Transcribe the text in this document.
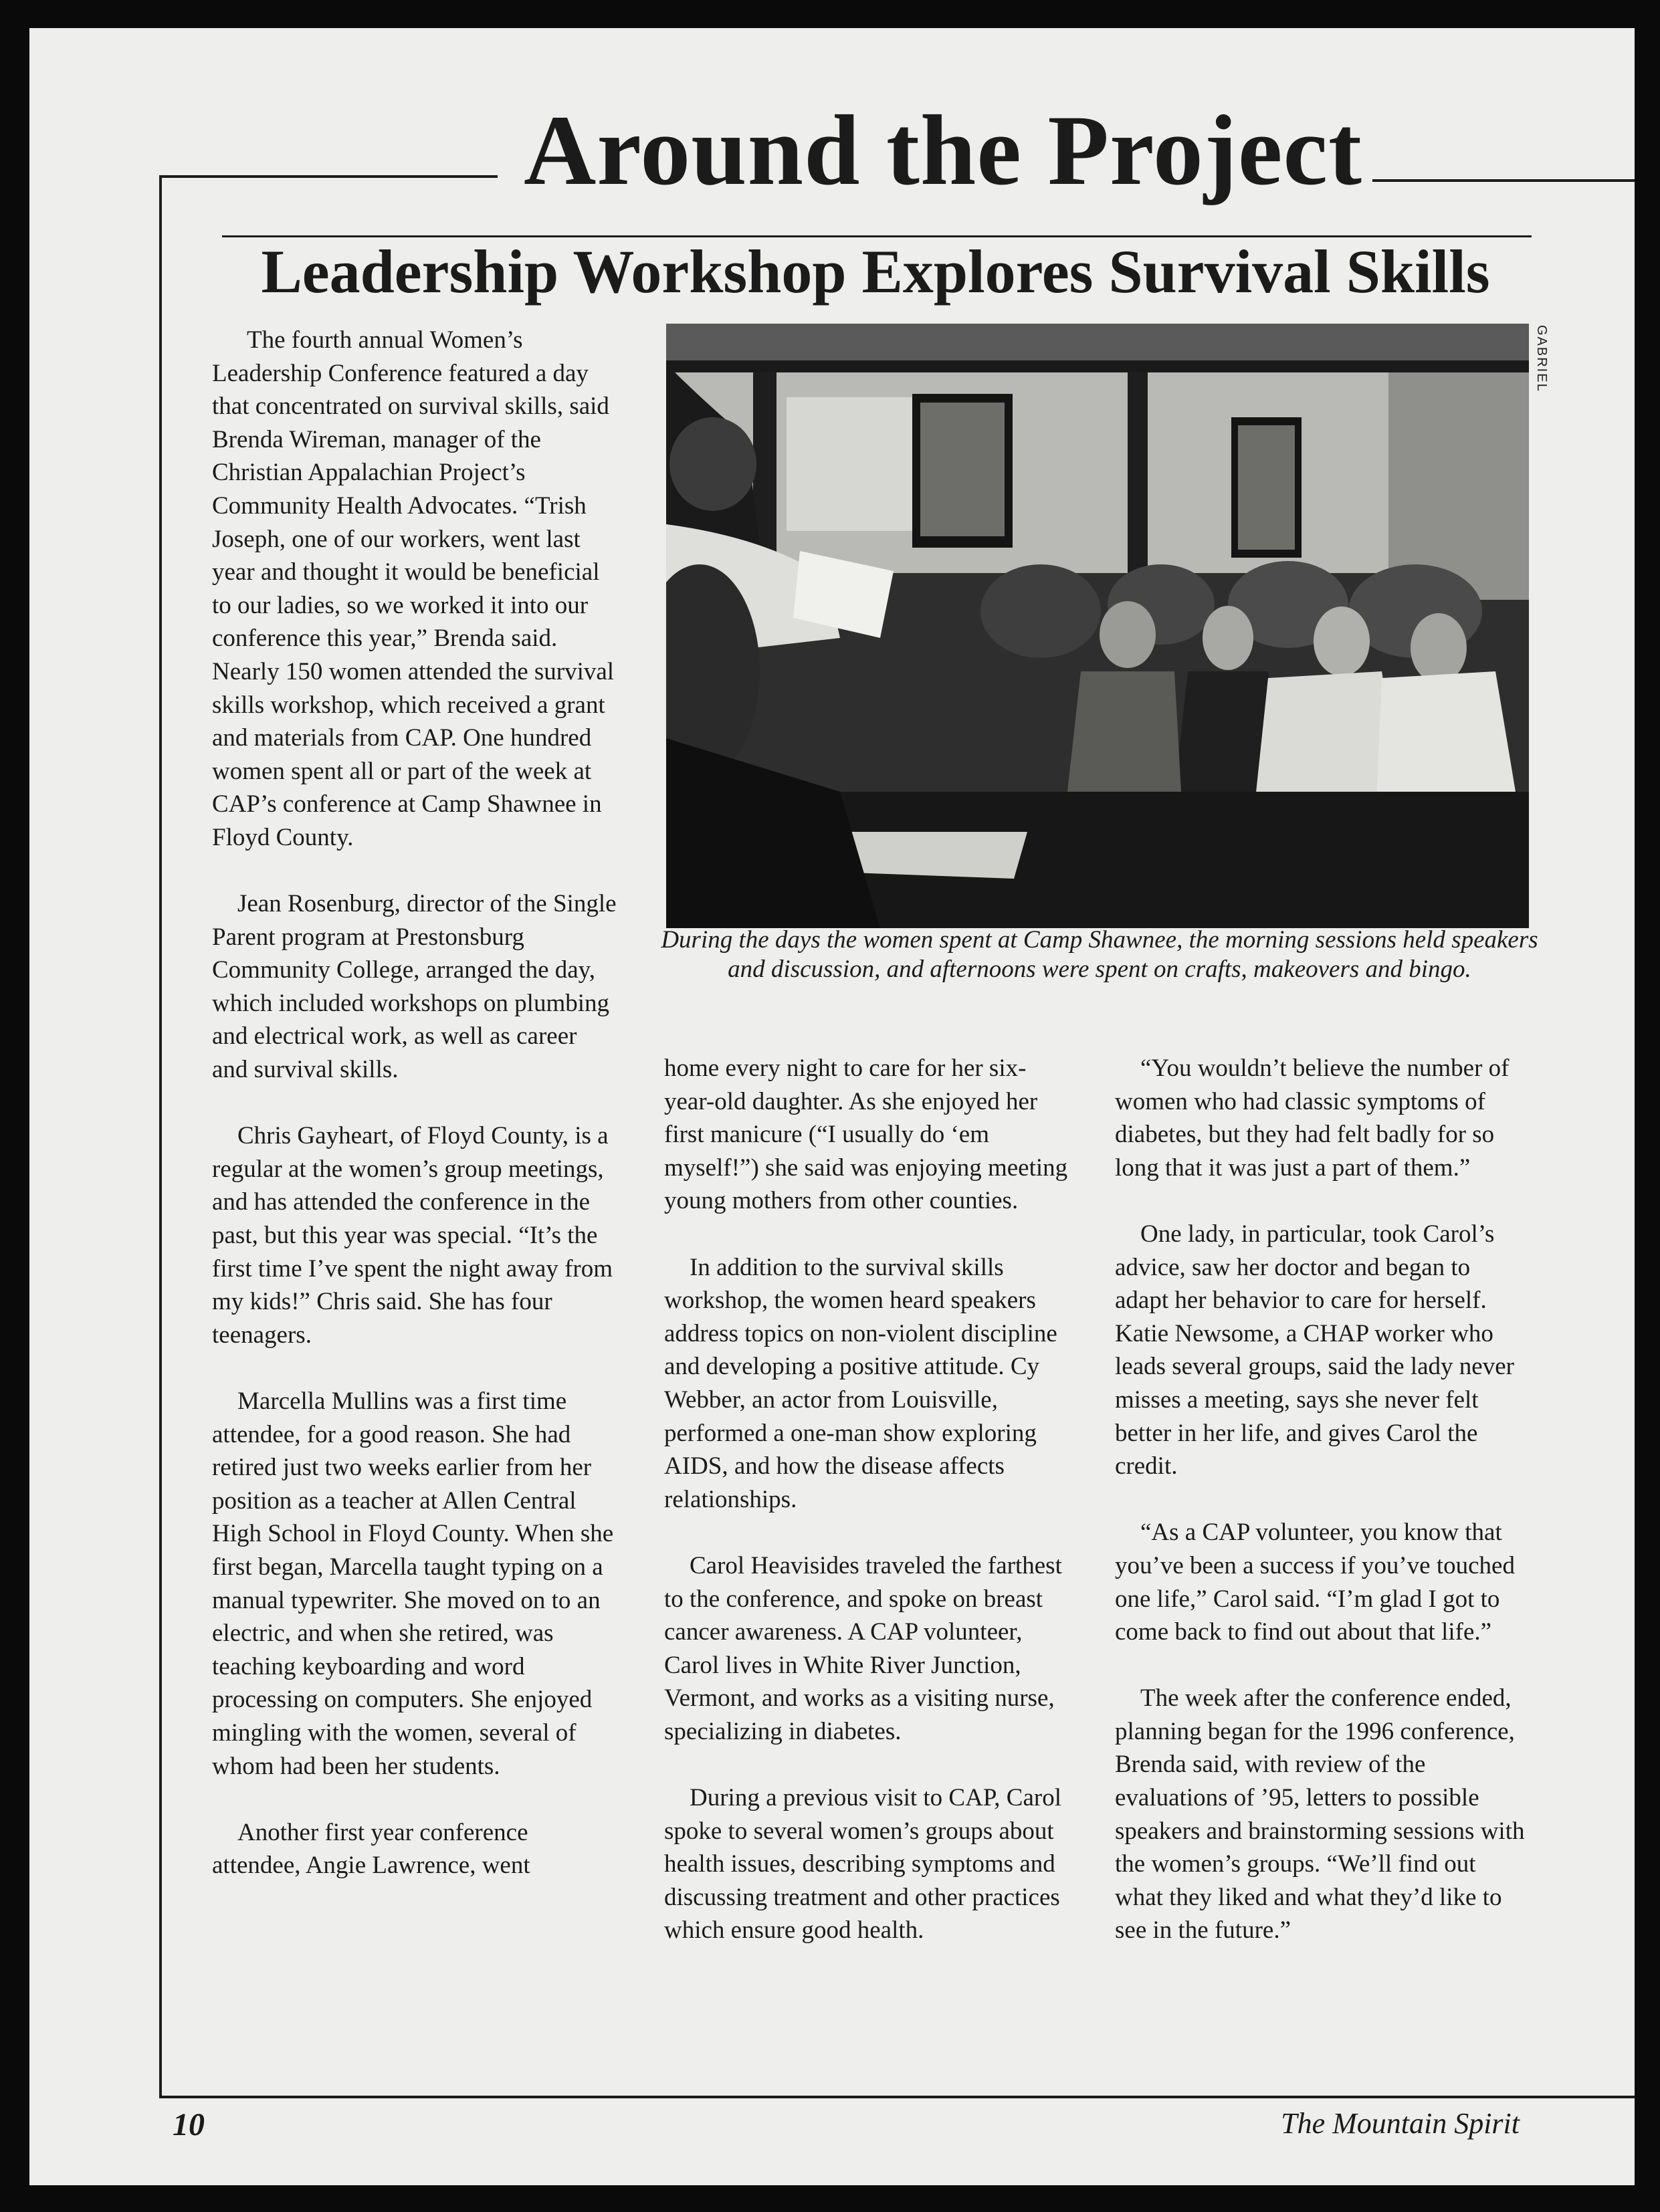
Around the Project
Leadership Workshop Explores Survival Skills

The fourth annual Women’s Leadership Conference featured a day that concentrated on survival skills, said Brenda Wireman, manager of the Christian Appalachian Project’s Community Health Advocates. “Trish Joseph, one of our workers, went last year and thought it would be beneficial to our ladies, so we worked it into our conference this year,” Brenda said. Nearly 150 women attended the survival skills workshop, which received a grant and materials from CAP. One hundred women spent all or part of the week at CAP’s conference at Camp Shawnee in Floyd County.

Jean Rosenburg, director of the Single Parent program at Prestonsburg Community College, arranged the day, which included workshops on plumbing and electrical work, as well as career and survival skills.

Chris Gayheart, of Floyd County, is a regular at the women’s group meetings, and has attended the conference in the past, but this year was special. “It’s the first time I’ve spent the night away from my kids!” Chris said. She has four teenagers.

Marcella Mullins was a first time attendee, for a good reason. She had retired just two weeks earlier from her position as a teacher at Allen Central High School in Floyd County. When she first began, Marcella taught typing on a manual typewriter. She moved on to an electric, and when she retired, was teaching keyboarding and word processing on computers. She enjoyed mingling with the women, several of whom had been her students.

Another first year conference attendee, Angie Lawrence, went

GABRIEL
During the days the women spent at Camp Shawnee, the morning sessions held speakers and discussion, and afternoons were spent on crafts, makeovers and bingo.

home every night to care for her six-year-old daughter. As she enjoyed her first manicure (“I usually do ‘em myself!”) she said was enjoying meeting young mothers from other counties.

In addition to the survival skills workshop, the women heard speakers address topics on non-violent discipline and developing a positive attitude. Cy Webber, an actor from Louisville, performed a one-man show exploring AIDS, and how the disease affects relationships.

Carol Heavisides traveled the farthest to the conference, and spoke on breast cancer awareness. A CAP volunteer, Carol lives in White River Junction, Vermont, and works as a visiting nurse, specializing in diabetes.

During a previous visit to CAP, Carol spoke to several women’s groups about health issues, describing symptoms and discussing treatment and other practices which ensure good health.

“You wouldn’t believe the number of women who had classic symptoms of diabetes, but they had felt badly for so long that it was just a part of them.”

One lady, in particular, took Carol’s advice, saw her doctor and began to adapt her behavior to care for herself. Katie Newsome, a CHAP worker who leads several groups, said the lady never misses a meeting, says she never felt better in her life, and gives Carol the credit.

“As a CAP volunteer, you know that you’ve been a success if you’ve touched one life,” Carol said. “I’m glad I got to come back to find out about that life.”

The week after the conference ended, planning began for the 1996 conference, Brenda said, with review of the evaluations of ’95, letters to possible speakers and brainstorming sessions with the women’s groups. “We’ll find out what they liked and what they’d like to see in the future.”

10	The Mountain Spirit
